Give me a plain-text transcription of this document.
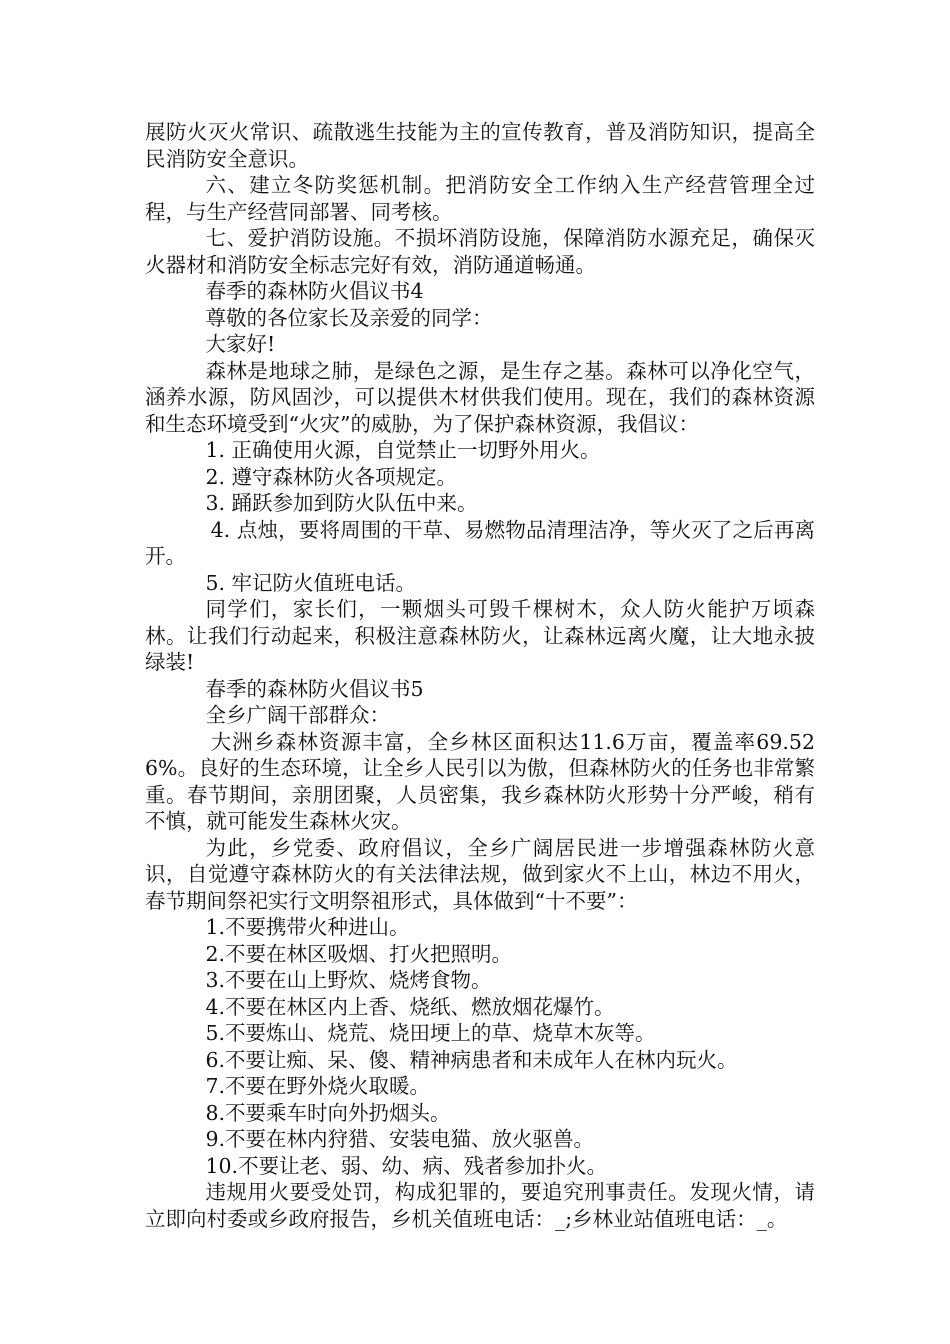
展防火灭火常识、疏散逃生技能为主的宣传教育，普及消防知识，提高全民消防安全意识。

六、建立冬防奖惩机制。把消防安全工作纳入生产经营管理全过程，与生产经营同部署、同考核。

七、爱护消防设施。不损坏消防设施，保障消防水源充足，确保灭火器材和消防安全标志完好有效，消防通道畅通。

春季的森林防火倡议书4

尊敬的各位家长及亲爱的同学：

大家好!

森林是地球之肺，是绿色之源，是生存之基。森林可以净化空气，涵养水源，防风固沙，可以提供木材供我们使用。现在，我们的森林资源和生态环境受到“火灾”的威胁，为了保护森林资源，我倡议：

1. 正确使用火源，自觉禁止一切野外用火。

2. 遵守森林防火各项规定。

3. 踊跃参加到防火队伍中来。

4. 点烛，要将周围的干草、易燃物品清理洁净，等火灭了之后再离开。

5. 牢记防火值班电话。

同学们，家长们，一颗烟头可毁千棵树木，众人防火能护万顷森林。让我们行动起来，积极注意森林防火，让森林远离火魔，让大地永披绿装!

春季的森林防火倡议书5

全乡广阔干部群众：

大洲乡森林资源丰富，全乡林区面积达11.6万亩，覆盖率69.526%。良好的生态环境，让全乡人民引以为傲，但森林防火的任务也非常繁重。春节期间，亲朋团聚，人员密集，我乡森林防火形势十分严峻，稍有不慎，就可能发生森林火灾。

为此，乡党委、政府倡议，全乡广阔居民进一步增强森林防火意识，自觉遵守森林防火的有关法律法规，做到家火不上山，林边不用火，春节期间祭祀实行文明祭祖形式，具体做到“十不要”：

1.不要携带火种进山。

2.不要在林区吸烟、打火把照明。

3.不要在山上野炊、烧烤食物。

4.不要在林区内上香、烧纸、燃放烟花爆竹。

5.不要炼山、烧荒、烧田埂上的草、烧草木灰等。

6.不要让痴、呆、傻、精神病患者和未成年人在林内玩火。

7.不要在野外烧火取暖。

8.不要乘车时向外扔烟头。

9.不要在林内狩猎、安装电猫、放火驱兽。

10.不要让老、弱、幼、病、残者参加扑火。

违规用火要受处罚，构成犯罪的，要追究刑事责任。发现火情，请立即向村委或乡政府报告，乡机关值班电话：_;乡林业站值班电话：_。
